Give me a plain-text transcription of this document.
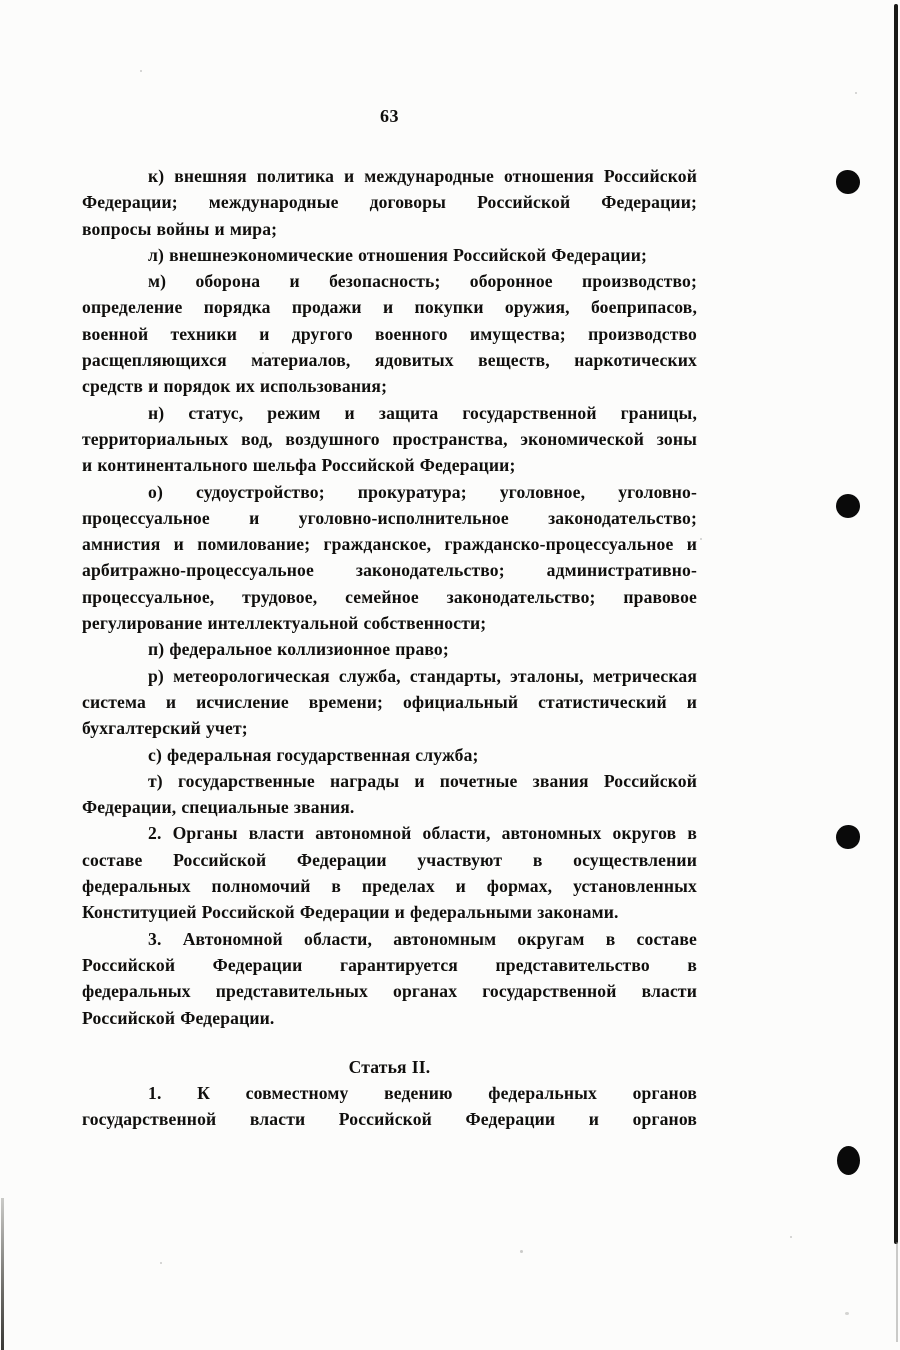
63
к) внешняя политика и международные отношения Российской
Федерации; международные договоры Российской Федерации;
вопросы войны и мира;
л) внешнеэкономические отношения Российской Федерации;
м) оборона и безопасность; оборонное производство;
определение порядка продажи и покупки оружия, боеприпасов,
военной техники и другого военного имущества; производство
расщепляющихся материалов, ядовитых веществ, наркотических
средств и порядок их использования;
н) статус, режим и защита государственной границы,
территориальных вод, воздушного пространства, экономической зоны
и континентального шельфа Российской Федерации;
о) судоустройство; прокуратура; уголовное, уголовно-
процессуальное и уголовно-исполнительное законодательство;
амнистия и помилование; гражданское, гражданско-процессуальное и
арбитражно-процессуальное законодательство; административно-
процессуальное, трудовое, семейное законодательство; правовое
регулирование интеллектуальной собственности;
п) федеральное коллизионное право;
р) метеорологическая служба, стандарты, эталоны, метрическая
система и исчисление времени; официальный статистический и
бухгалтерский учет;
с) федеральная государственная служба;
т) государственные награды и почетные звания Российской
Федерации, специальные звания.
2. Органы власти автономной области, автономных округов в
составе Российской Федерации участвуют в осуществлении
федеральных полномочий в пределах и формах, установленных
Конституцией Российской Федерации и федеральными законами.
3. Автономной области, автономным округам в составе
Российской Федерации гарантируется представительство в
федеральных представительных органах государственной власти
Российской Федерации.
Статья II.
1. К совместному ведению федеральных органов
государственной власти Российской Федерации и органов
